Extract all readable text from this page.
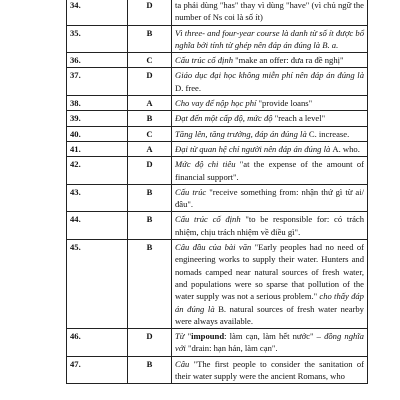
34.	D	ta phải dùng "has" thay vì dùng "have" (vì chủ ngữ the number of Ns coi là số ít)
35.	B	Vì three- and four-year course là danh từ số ít được bổ nghĩa bởi tính từ ghép nên đáp án đúng là B. a.
36.	C	Cấu trúc cố định "make an offer: đưa ra đề nghị"
37.	D	Giáo dục đại học không miễn phí nên đáp án đúng là D. free.
38.	A	Cho vay để nộp học phí "provide loans"
39.	B	Đạt đến một cấp độ, mức độ "reach a level"
40.	C	Tăng lên, tăng trưởng, đáp án đúng là C. increase.
41.	A	Đại từ quan hệ chỉ người nên đáp án đúng là A. who.
42.	D	Mức độ chi tiêu "at the expense of the amount of financial support".
43.	B	Cấu trúc "receive something from: nhận thứ gì từ ai/đâu".
44.	B	Cấu trúc cố định "to be responsible for: có trách nhiệm, chịu trách nhiệm về điều gì".
45.	B	Câu đầu của bài văn "Early peoples had no need of engineering works to supply their water. Hunters and nomads camped near natural sources of fresh water, and populations were so sparse that pollution of the water supply was not a serious problem." cho thấy đáp án đúng là B. natural sources of fresh water nearby were always available.
46.	D	Từ "impound: làm cạn, làm hết nước" – đồng nghĩa với "drain: hạn hán, làm cạn".
47.	B	Câu "The first people to consider the sanitation of their water supply were the ancient Romans, who
